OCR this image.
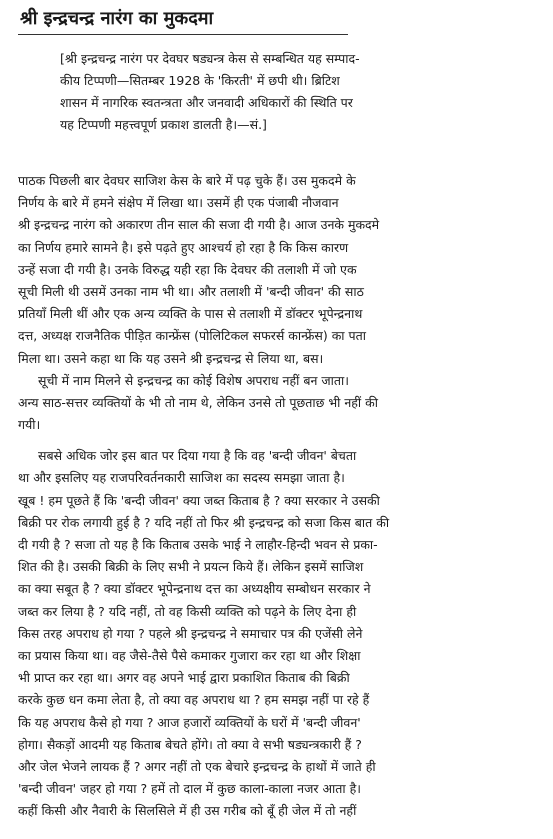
श्री इन्द्रचन्द्र नारंग का मुकदमा
[श्री इन्द्रचन्द्र नारंग पर देवघर षड्यन्त्र केस से सम्बन्धित यह सम्पाद-
कीय टिप्पणी—सितम्बर 1928 के 'किरती' में छपी थी। ब्रिटिश
शासन में नागरिक स्वतन्त्रता और जनवादी अधिकारों की स्थिति पर
यह टिप्पणी महत्त्वपूर्ण प्रकाश डालती है।—सं.]
पाठक पिछली बार देवघर साजिश केस के बारे में पढ़ चुके हैं। उस मुकदमे के
निर्णय के बारे में हमने संक्षेप में लिखा था। उसमें ही एक पंजाबी नौजवान
श्री इन्द्रचन्द्र नारंग को अकारण तीन साल की सजा दी गयी है। आज उनके मुकदमे
का निर्णय हमारे सामने है। इसे पढ़ते हुए आश्चर्य हो रहा है कि किस कारण
उन्हें सजा दी गयी है। उनके विरुद्ध यही रहा कि देवघर की तलाशी में जो एक
सूची मिली थी उसमें उनका नाम भी था। और तलाशी में 'बन्दी जीवन' की साठ
प्रतियाँ मिली थीं और एक अन्य व्यक्ति के पास से तलाशी में डॉक्टर भूपेन्द्रनाथ
दत्त, अध्यक्ष राजनैतिक पीड़ित कान्फ्रेंस (पोलिटिकल सफरर्स कान्फ्रेंस) का पता
मिला था। उसने कहा था कि यह उसने श्री इन्द्रचन्द्र से लिया था, बस।
सूची में नाम मिलने से इन्द्रचन्द्र का कोई विशेष अपराध नहीं बन जाता।
अन्य साठ-सत्तर व्यक्तियों के भी तो नाम थे, लेकिन उनसे तो पूछताछ भी नहीं की
गयी।
सबसे अधिक जोर इस बात पर दिया गया है कि वह 'बन्दी जीवन' बेचता
था और इसलिए यह राजपरिवर्तनकारी साजिश का सदस्य समझा जाता है।
खूब ! हम पूछते हैं कि 'बन्दी जीवन' क्या जब्त किताब है ? क्या सरकार ने उसकी
बिक्री पर रोक लगायी हुई है ? यदि नहीं तो फिर श्री इन्द्रचन्द्र को सजा किस बात की
दी गयी है ? सजा तो यह है कि किताब उसके भाई ने लाहौर-हिन्दी भवन से प्रका-
शित की है। उसकी बिक्री के लिए सभी ने प्रयत्न किये हैं। लेकिन इसमें साजिश
का क्या सबूत है ? क्या डॉक्टर भूपेन्द्रनाथ दत्त का अध्यक्षीय सम्बोधन सरकार ने
जब्त कर लिया है ? यदि नहीं, तो वह किसी व्यक्ति को पढ़ने के लिए देना ही
किस तरह अपराध हो गया ? पहले श्री इन्द्रचन्द्र ने समाचार पत्र की एजेंसी लेने
का प्रयास किया था। वह जैसे-तैसे पैसे कमाकर गुजारा कर रहा था और शिक्षा
भी प्राप्त कर रहा था। अगर वह अपने भाई द्वारा प्रकाशित किताब की बिक्री
करके कुछ धन कमा लेता है, तो क्या वह अपराध था ? हम समझ नहीं पा रहे हैं
कि यह अपराध कैसे हो गया ? आज हजारों व्यक्तियों के घरों में 'बन्दी जीवन'
होगा। सैकड़ों आदमी यह किताब बेचते होंगे। तो क्या वे सभी षड्यन्त्रकारी हैं ?
और जेल भेजने लायक हैं ? अगर नहीं तो एक बेचारे इन्द्रचन्द्र के हाथों में जाते ही
'बन्दी जीवन' जहर हो गया ? हमें तो दाल में कुछ काला-काला नजर आता है।
कहीं किसी और नैवारी के सिलसिले में ही उस गरीब को बूँ ही जेल में तो नहीं
